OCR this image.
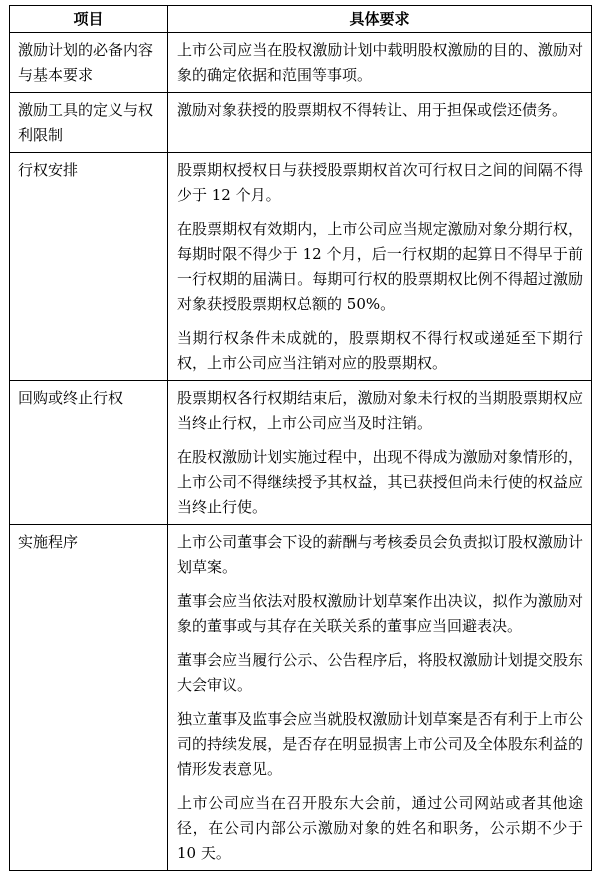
项目	具体要求
激励计划的必备内容与基本要求	上市公司应当在股权激励计划中载明股权激励的目的、激励对象的确定依据和范围等事项。

激励工具的定义与权利限制	激励对象获授的股票期权不得转让、用于担保或偿还债务。

行权安排	股票期权授权日与获授股票期权首次可行权日之间的间隔不得少于 12 个月。

在股票期权有效期内，上市公司应当规定激励对象分期行权，每期时限不得少于 12 个月，后一行权期的起算日不得早于前一行权期的届满日。每期可行权的股票期权比例不得超过激励对象获授股票期权总额的 50%。

当期行权条件未成就的，股票期权不得行权或递延至下期行权，上市公司应当注销对应的股票期权。

回购或终止行权	股票期权各行权期结束后，激励对象未行权的当期股票期权应当终止行权，上市公司应当及时注销。

在股权激励计划实施过程中，出现不得成为激励对象情形的，上市公司不得继续授予其权益，其已获授但尚未行使的权益应当终止行使。

实施程序	上市公司董事会下设的薪酬与考核委员会负责拟订股权激励计划草案。

董事会应当依法对股权激励计划草案作出决议，拟作为激励对象的董事或与其存在关联关系的董事应当回避表决。

董事会应当履行公示、公告程序后，将股权激励计划提交股东大会审议。

独立董事及监事会应当就股权激励计划草案是否有利于上市公司的持续发展，是否存在明显损害上市公司及全体股东利益的情形发表意见。

上市公司应当在召开股东大会前，通过公司网站或者其他途径，在公司内部公示激励对象的姓名和职务，公示期不少于 10 天。
